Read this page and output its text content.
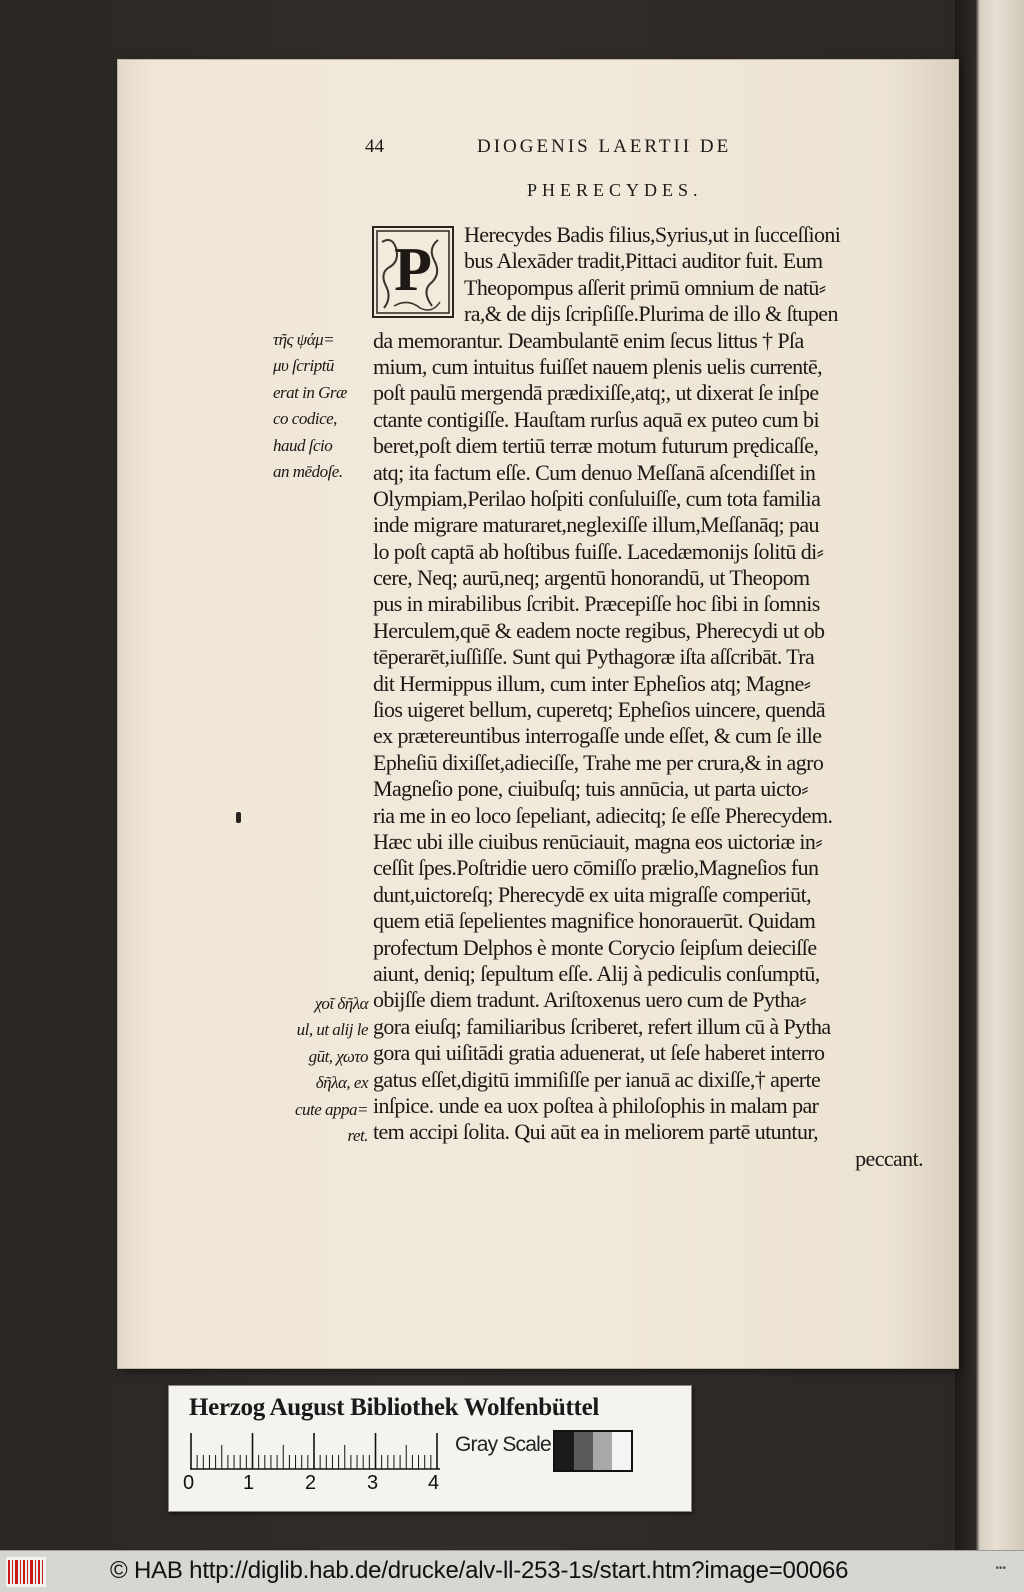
44	DIOGENIS LAERTII DE
PHERECYDES.
P
Herecydes Badis filius,Syrius,ut in ſucceſſioni
bus Alexāder tradit,Pittaci auditor fuit. Eum
Theopompus aſſerit primū omnium de natū⸗
ra,& de dijs ſcripſiſſe.Plurima de illo & ſtupen
da memorantur. Deambulantē enim ſecus littus † Pſa
mium, cum intuitus fuiſſet nauem plenis uelis currentē,
poſt paulū mergendā prædixiſſe,atq;, ut dixerat ſe inſpe
ctante contigiſſe. Hauſtam rurſus aquā ex puteo cum bi
beret,poſt diem tertiū terræ motum futurum prędicaſſe,
atq; ita factum eſſe. Cum denuo Meſſanā aſcendiſſet in
Olympiam,Perilao hoſpiti conſuluiſſe, cum tota familia
inde migrare maturaret,neglexiſſe illum,Meſſanāq; pau
lo poſt captā ab hoſtibus fuiſſe. Lacedæmonijs ſolitū di⸗
cere, Neq; aurū,neq; argentū honorandū, ut Theopom
pus in mirabilibus ſcribit. Præcepiſſe hoc ſibi in ſomnis
Herculem,quē & eadem nocte regibus, Pherecydi ut ob
tēperarēt,iuſſiſſe. Sunt qui Pythagoræ iſta aſſcribāt. Tra
dit Hermippus illum, cum inter Epheſios atq; Magne⸗
ſios uigeret bellum, cuperetq; Epheſios uincere, quendā
ex prætereuntibus interrogaſſe unde eſſet, & cum ſe ille
Epheſiū dixiſſet,adieciſſe, Trahe me per crura,& in agro
Magneſio pone, ciuibuſq; tuis annūcia, ut parta uicto⸗
ria me in eo loco ſepeliant, adiecitq; ſe eſſe Pherecydem.
Hæc ubi ille ciuibus renūciauit, magna eos uictoriæ in⸗
ceſſit ſpes.Poſtridie uero cōmiſſo prælio,Magneſios fun
dunt,uictoreſq; Pherecydē ex uita migraſſe comperiūt,
quem etiā ſepelientes magnifice honorauerūt. Quidam
profectum Delphos è monte Corycio ſeipſum deieciſſe
aiunt, deniq; ſepultum eſſe. Alij à pediculis conſumptū,
obijſſe diem tradunt. Ariſtoxenus uero cum de Pytha⸗
gora eiuſq; familiaribus ſcriberet, refert illum cū à Pytha
gora qui uiſitādi gratia aduenerat, ut ſeſe haberet interro
gatus eſſet,digitū immiſiſſe per ianuā ac dixiſſe,† aperte
inſpice. unde ea uox poſtea à philoſophis in malam par
tem accipi ſolita. Qui aūt ea in meliorem partē utuntur,
peccant.
τῆς ψάμ=
μυ ſcriptū
erat in Græ
co codice,
haud ſcio
an mēdoſe.
χοῖ δῆλα
ul, ut alij le
gūt, χωτο
δῆλα, ex
cute appa=
ret.
Herzog August Bibliothek Wolfenbüttel
0 1	2	3 4
Gray Scale
© HAB http://diglib.hab.de/drucke/alv-ll-253-1s/start.htm?image=00066	•••
